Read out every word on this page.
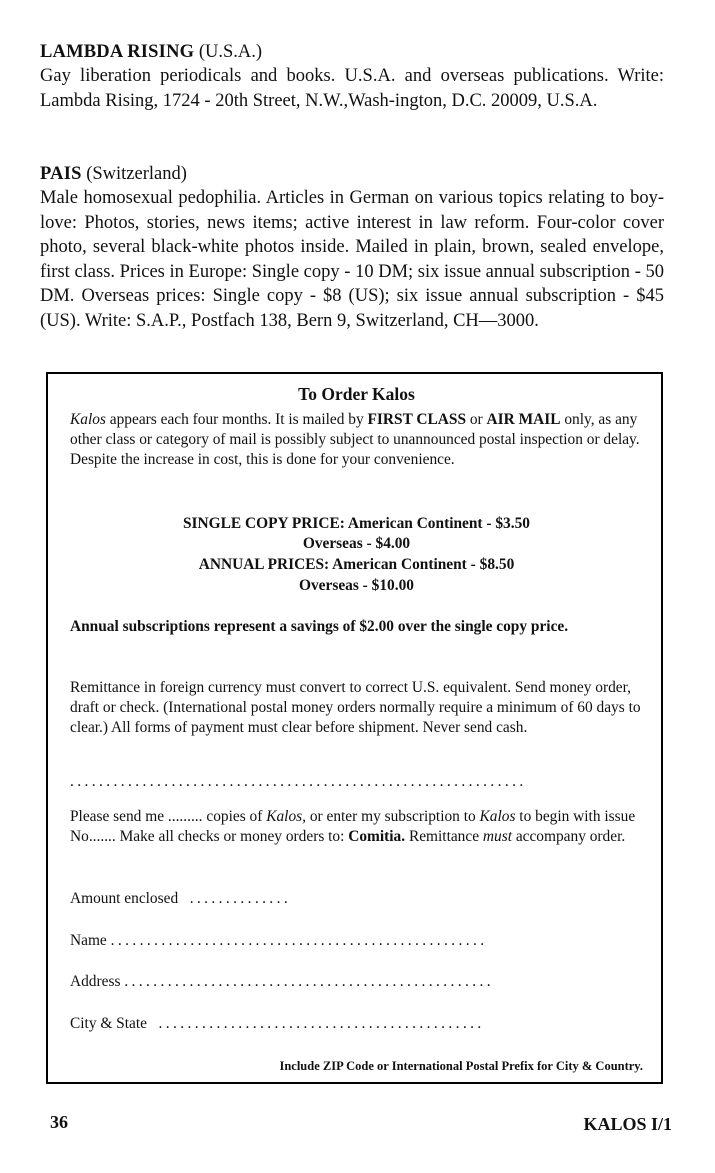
LAMBDA RISING (U.S.A.)

Gay liberation periodicals and books. U.S.A. and overseas publications. Write: Lambda Rising, 1724 - 20th Street, N.W.,Wash-ington, D.C. 20009, U.S.A.

PAIS (Switzerland)

Male homosexual pedophilia. Articles in German on various topics relating to boy-love: Photos, stories, news items; active interest in law reform. Four-color cover photo, several black-white photos inside. Mailed in plain, brown, sealed envelope, first class. Prices in Europe: Single copy - 10 DM; six issue annual subscription - 50 DM. Overseas prices: Single copy - $8 (US); six issue annual subscription - $45 (US). Write: S.A.P., Postfach 138, Bern 9, Switzerland, CH—3000.

To Order Kalos

Kalos appears each four months. It is mailed by FIRST CLASS or AIR MAIL only, as any other class or category of mail is possibly subject to unannounced postal inspection or delay. Despite the increase in cost, this is done for your convenience.

SINGLE COPY PRICE: American Continent - $3.50
Overseas - $4.00
ANNUAL PRICES: American Continent - $8.50
Overseas - $10.00
Annual subscriptions represent a savings of $2.00 over the single copy price.
Remittance in foreign currency must convert to correct U.S. equivalent. Send money order, draft or check. (International postal money orders normally require a minimum of 60 days to clear.) All forms of payment must clear before shipment. Never send cash.
...............................................................

Please send me ......... copies of Kalos, or enter my subscription to Kalos to begin with issue No....... Make all checks or money orders to: Comitia. Remittance must accompany order.

Amount enclosed ..............
Name ....................................................
Address ...................................................
City & State .............................................
Include ZIP Code or International Postal Prefix for City & Country.
36	KALOS I/1
